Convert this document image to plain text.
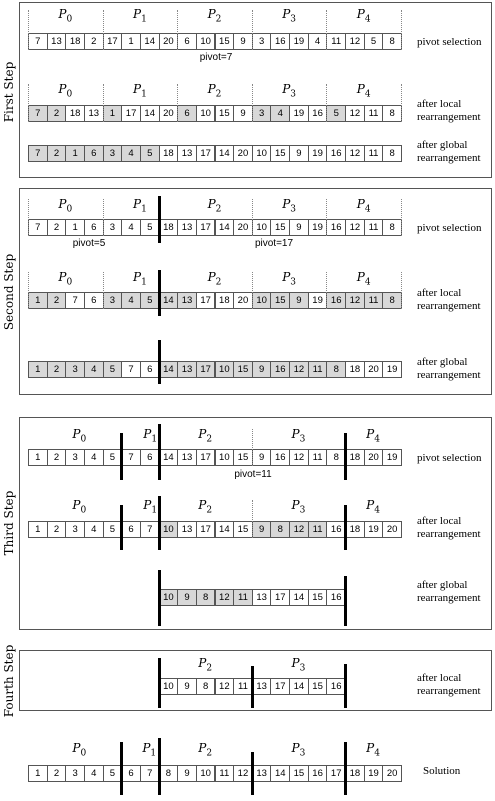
First Step
Second Step
Third Step
Fourth Step
pivot selection
after local
rearrangement
after global
rearrangement
pivot selection
after local
rearrangement
after global
rearrangement
pivot selection
after local
rearrangement
after global
rearrangement
after local
rearrangement
Solution
7	13 18	2	17	1	14 20	6	10 15	9	3	16 19	4	11 12	5	8
7	2	18 13	1	17 14 20	6	10 15	9	3	4	19 16	5	12 11	8
7	2	1	6	3	4	5	18 13 17 14 20 10 15	9	19 16 12 11	8
7	2	1	6	3	4	5	18 13 17 14 20 10 15	9	19 16 12 11	8
1	2	7	6	3	4	5	14 13 17 18 20 10 15	9	19 16 12 11	8
1	2	3	4	5	7	6	14 13 17 10 15	9	16 12 11	8	18 20 19
1	2	3	4	5	7	6	14 13 17 10 15	9	16 12 11	8	18 20 19
1	2	3	4	5	6	7	10 13 17 14 15	9	8	12 11 16 18 19 20
10	9	8	12 11 13 17 14 15 16
10	9	8	12 11 13 17 14 15 16
1	2	3	4	5	6	7	8	9	10 11 12 13 14 15 16 17 18 19 20
$P_0$	$P_1$	$P_2$	$P_3$	$P_4$
$P_0$	$P_1$	$P_2$	$P_3$	$P_4$
$P_0$	$P_1$	$P_2$	$P_3$	$P_4$
$P_0$	$P_1$	$P_2$	$P_3$	$P_4$
$P_0$	$P_1$	$P_2$	$P_3$	$P_4$
$P_0$	$P_1$	$P_2$	$P_3$	$P_4$
$P_2$	$P_3$
$P_0$	$P_1$	$P_2$	$P_3$	$P_4$
pivot=7
pivot=5	pivot=17
pivot=11
